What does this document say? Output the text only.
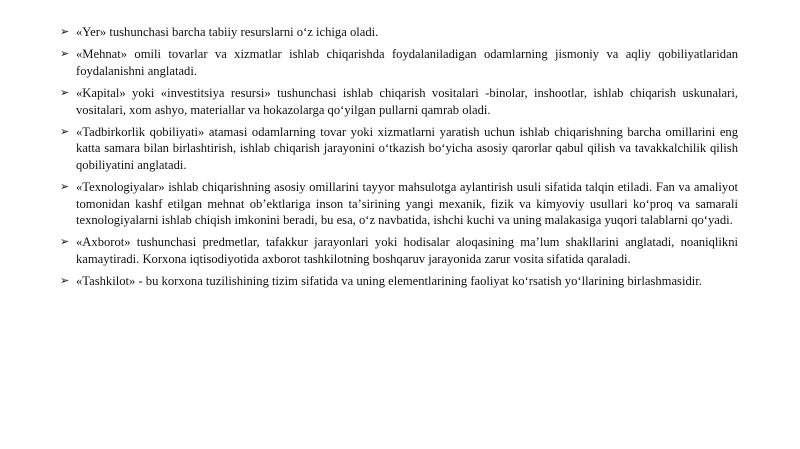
➢ «Yer» tushunchasi barcha tabiiy resurslarni oʻz ichiga oladi.
➢ «Mehnat» omili tovarlar va xizmatlar ishlab chiqarishda foydalaniladigan odamlarning jismoniy va aqliy qobiliyatlaridan foydalanishni anglatadi.
➢ «Kapital» yoki «investitsiya resursi» tushunchasi ishlab chiqarish vositalari -binolar, inshootlar, ishlab chiqarish uskunalari, vositalari, xom ashyo, materiallar va hokazolarga qoʻyilgan pullarni qamrab oladi.
➢ «Tadbirkorlik qobiliyati» atamasi odamlarning tovar yoki xizmatlarni yaratish uchun ishlab chiqarishning barcha omillarini eng katta samara bilan birlashtirish, ishlab chiqarish jarayonini oʻtkazish boʻyicha asosiy qarorlar qabul qilish va tavakkalchilik qilish qobiliyatini anglatadi.
➢ «Texnologiyalar» ishlab chiqarishning asosiy omillarini tayyor mahsulotga aylantirish usuli sifatida talqin etiladi. Fan va amaliyot tomonidan kashf etilgan mehnat obʼektlariga inson taʼsirining yangi mexanik, fizik va kimyoviy usullari koʻproq va samarali texnologiyalarni ishlab chiqish imkonini beradi, bu esa, oʻz navbatida, ishchi kuchi va uning malakasiga yuqori talablarni qoʻyadi.
➢ «Axborot» tushunchasi predmetlar, tafakkur jarayonlari yoki hodisalar aloqasining maʼlum shakllarini anglatadi, noaniqlikni kamaytiradi. Korxona iqtisodiyotida axborot tashkilotning boshqaruv jarayonida zarur vosita sifatida qaraladi.
➢ «Tashkilot» - bu korxona tuzilishining tizim sifatida va uning elementlarining faoliyat koʻrsatish yoʻllarining birlashmasidir.
